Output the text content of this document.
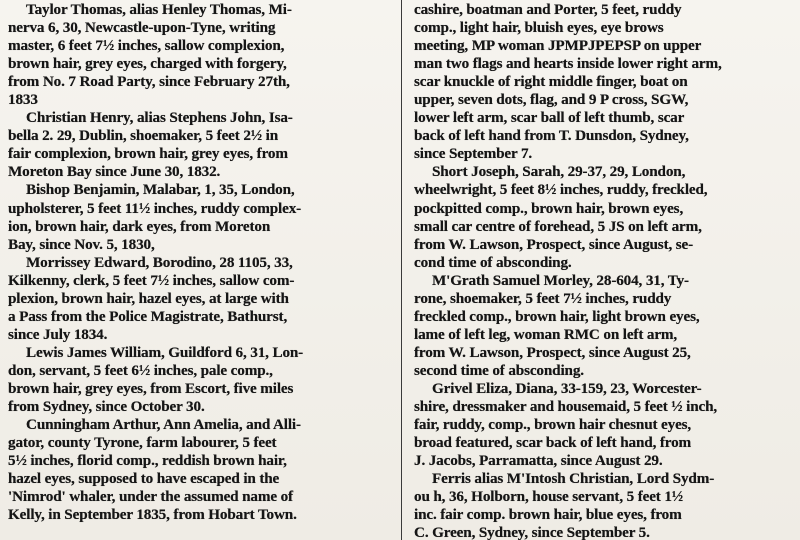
Taylor Thomas, alias Henley Thomas, Mi-
nerva 6, 30, Newcastle-upon-Tyne, writing
master, 6 feet 7½ inches, sallow complexion,
brown hair, grey eyes, charged with forgery,
from No. 7 Road Party, since February 27th,
1833
Christian Henry, alias Stephens John, Isa-
bella 2. 29, Dublin, shoemaker, 5 feet 2½ in
fair complexion, brown hair, grey eyes, from
Moreton Bay since June 30, 1832.
Bishop Benjamin, Malabar, 1, 35, London,
upholsterer, 5 feet 11½ inches, ruddy complex-
ion, brown hair, dark eyes, from Moreton
Bay, since Nov. 5, 1830,
Morrissey Edward, Borodino, 28 1105, 33,
Kilkenny, clerk, 5 feet 7½ inches, sallow com-
plexion, brown hair, hazel eyes, at large with
a Pass from the Police Magistrate, Bathurst,
since July 1834.
Lewis James William, Guildford 6, 31, Lon-
don, servant, 5 feet 6½ inches, pale comp.,
brown hair, grey eyes, from Escort, five miles
from Sydney, since October 30.
Cunningham Arthur, Ann Amelia, and Alli-
gator, county Tyrone, farm labourer, 5 feet
5½ inches, florid comp., reddish brown hair,
hazel eyes, supposed to have escaped in the
'Nimrod' whaler, under the assumed name of
Kelly, in September 1835, from Hobart Town.
cashire, boatman and Porter, 5 feet, ruddy
comp., light hair, bluish eyes, eye brows
meeting, MP woman JPMPJPEPSP on upper
man two flags and hearts inside lower right arm,
scar knuckle of right middle finger, boat on
upper, seven dots, flag, and 9 P cross, SGW,
lower left arm, scar ball of left thumb, scar
back of left hand from T. Dunsdon, Sydney,
since September 7.
Short Joseph, Sarah, 29-37, 29, London,
wheelwright, 5 feet 8½ inches, ruddy, freckled,
pockpitted comp., brown hair, brown eyes,
small car centre of forehead, 5 JS on left arm,
from W. Lawson, Prospect, since August, se-
cond time of absconding.
M'Grath Samuel Morley, 28-604, 31, Ty-
rone, shoemaker, 5 feet 7½ inches, ruddy
freckled comp., brown hair, light brown eyes,
lame of left leg, woman RMC on left arm,
from W. Lawson, Prospect, since August 25,
second time of absconding.
Grivel Eliza, Diana, 33-159, 23, Worcester-
shire, dressmaker and housemaid, 5 feet ½ inch,
fair, ruddy, comp., brown hair chesnut eyes,
broad featured, scar back of left hand, from
J. Jacobs, Parramatta, since August 29.
Ferris alias M'Intosh Christian, Lord Sydm-
ou h, 36, Holborn, house servant, 5 feet 1½
inc. fair comp. brown hair, blue eyes, from
C. Green, Sydney, since September 5.
